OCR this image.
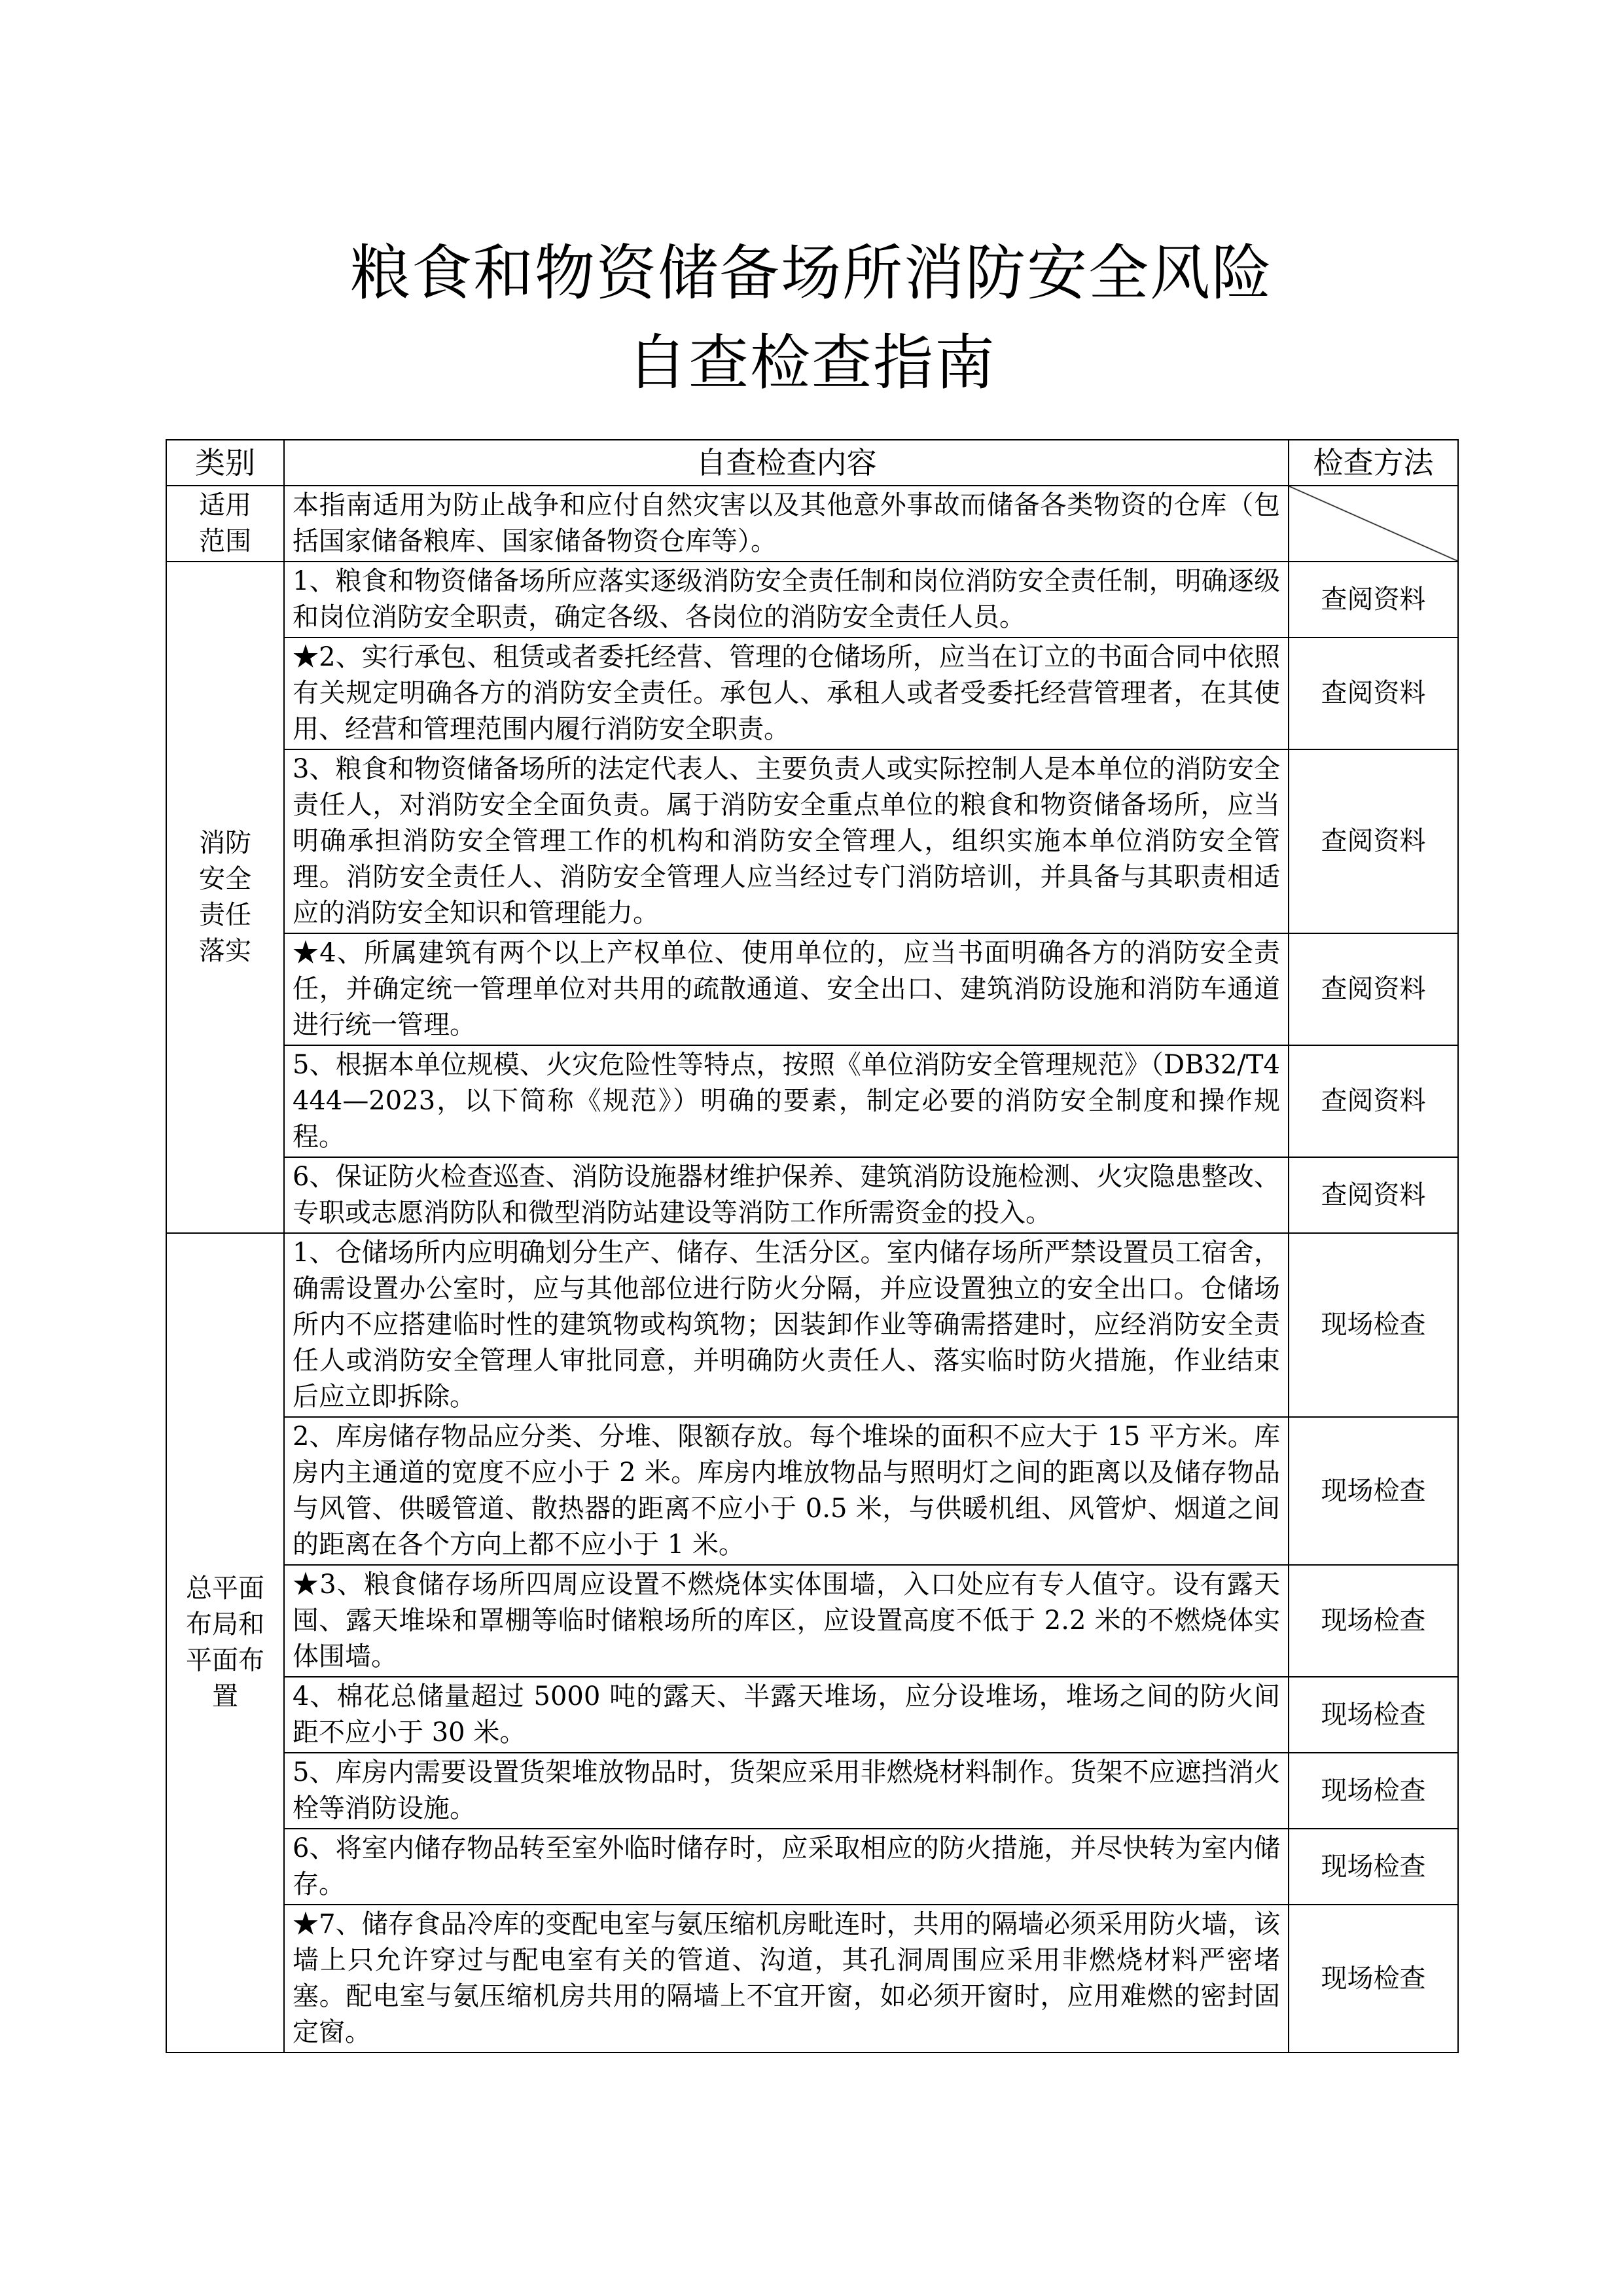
粮食和物资储备场所消防安全风险
自查检查指南
类别	自查检查内容	检查方法
适用范围	本指南适用为防止战争和应付自然灾害以及其他意外事故而储备各类物资的仓库（包括国家储备粮库、国家储备物资仓库等）。	
消防安全责任落实	1、粮食和物资储备场所应落实逐级消防安全责任制和岗位消防安全责任制，明确逐级和岗位消防安全职责，确定各级、各岗位的消防安全责任人员。	查阅资料
	★2、实行承包、租赁或者委托经营、管理的仓储场所，应当在订立的书面合同中依照有关规定明确各方的消防安全责任。承包人、承租人或者受委托经营管理者，在其使用、经营和管理范围内履行消防安全职责。	查阅资料
	3、粮食和物资储备场所的法定代表人、主要负责人或实际控制人是本单位的消防安全责任人，对消防安全全面负责。属于消防安全重点单位的粮食和物资储备场所，应当明确承担消防安全管理工作的机构和消防安全管理人，组织实施本单位消防安全管理。消防安全责任人、消防安全管理人应当经过专门消防培训，并具备与其职责相适应的消防安全知识和管理能力。	查阅资料
	★4、所属建筑有两个以上产权单位、使用单位的，应当书面明确各方的消防安全责任，并确定统一管理单位对共用的疏散通道、安全出口、建筑消防设施和消防车通道进行统一管理。	查阅资料
	5、根据本单位规模、火灾危险性等特点，按照《单位消防安全管理规范》（DB32/T4444—2023，以下简称《规范》）明确的要素，制定必要的消防安全制度和操作规程。	查阅资料
	6、保证防火检查巡查、消防设施器材维护保养、建筑消防设施检测、火灾隐患整改、专职或志愿消防队和微型消防站建设等消防工作所需资金的投入。	查阅资料
总平面布局和平面布置	1、仓储场所内应明确划分生产、储存、生活分区。室内储存场所严禁设置员工宿舍，确需设置办公室时，应与其他部位进行防火分隔，并应设置独立的安全出口。仓储场所内不应搭建临时性的建筑物或构筑物；因装卸作业等确需搭建时，应经消防安全责任人或消防安全管理人审批同意，并明确防火责任人、落实临时防火措施，作业结束后应立即拆除。	现场检查
	2、库房储存物品应分类、分堆、限额存放。每个堆垛的面积不应大于 15 平方米。库房内主通道的宽度不应小于 2 米。库房内堆放物品与照明灯之间的距离以及储存物品与风管、供暖管道、散热器的距离不应小于 0.5 米，与供暖机组、风管炉、烟道之间的距离在各个方向上都不应小于 1 米。	现场检查
	★3、粮食储存场所四周应设置不燃烧体实体围墙，入口处应有专人值守。设有露天囤、露天堆垛和罩棚等临时储粮场所的库区，应设置高度不低于 2.2 米的不燃烧体实体围墙。	现场检查
	4、棉花总储量超过 5000 吨的露天、半露天堆场，应分设堆场，堆场之间的防火间距不应小于 30 米。	现场检查
	5、库房内需要设置货架堆放物品时，货架应采用非燃烧材料制作。货架不应遮挡消火栓等消防设施。	现场检查
	6、将室内储存物品转至室外临时储存时，应采取相应的防火措施，并尽快转为室内储存。	现场检查
	★7、储存食品冷库的变配电室与氨压缩机房毗连时，共用的隔墙必须采用防火墙，该墙上只允许穿过与配电室有关的管道、沟道，其孔洞周围应采用非燃烧材料严密堵塞。配电室与氨压缩机房共用的隔墙上不宜开窗，如必须开窗时，应用难燃的密封固定窗。	现场检查
